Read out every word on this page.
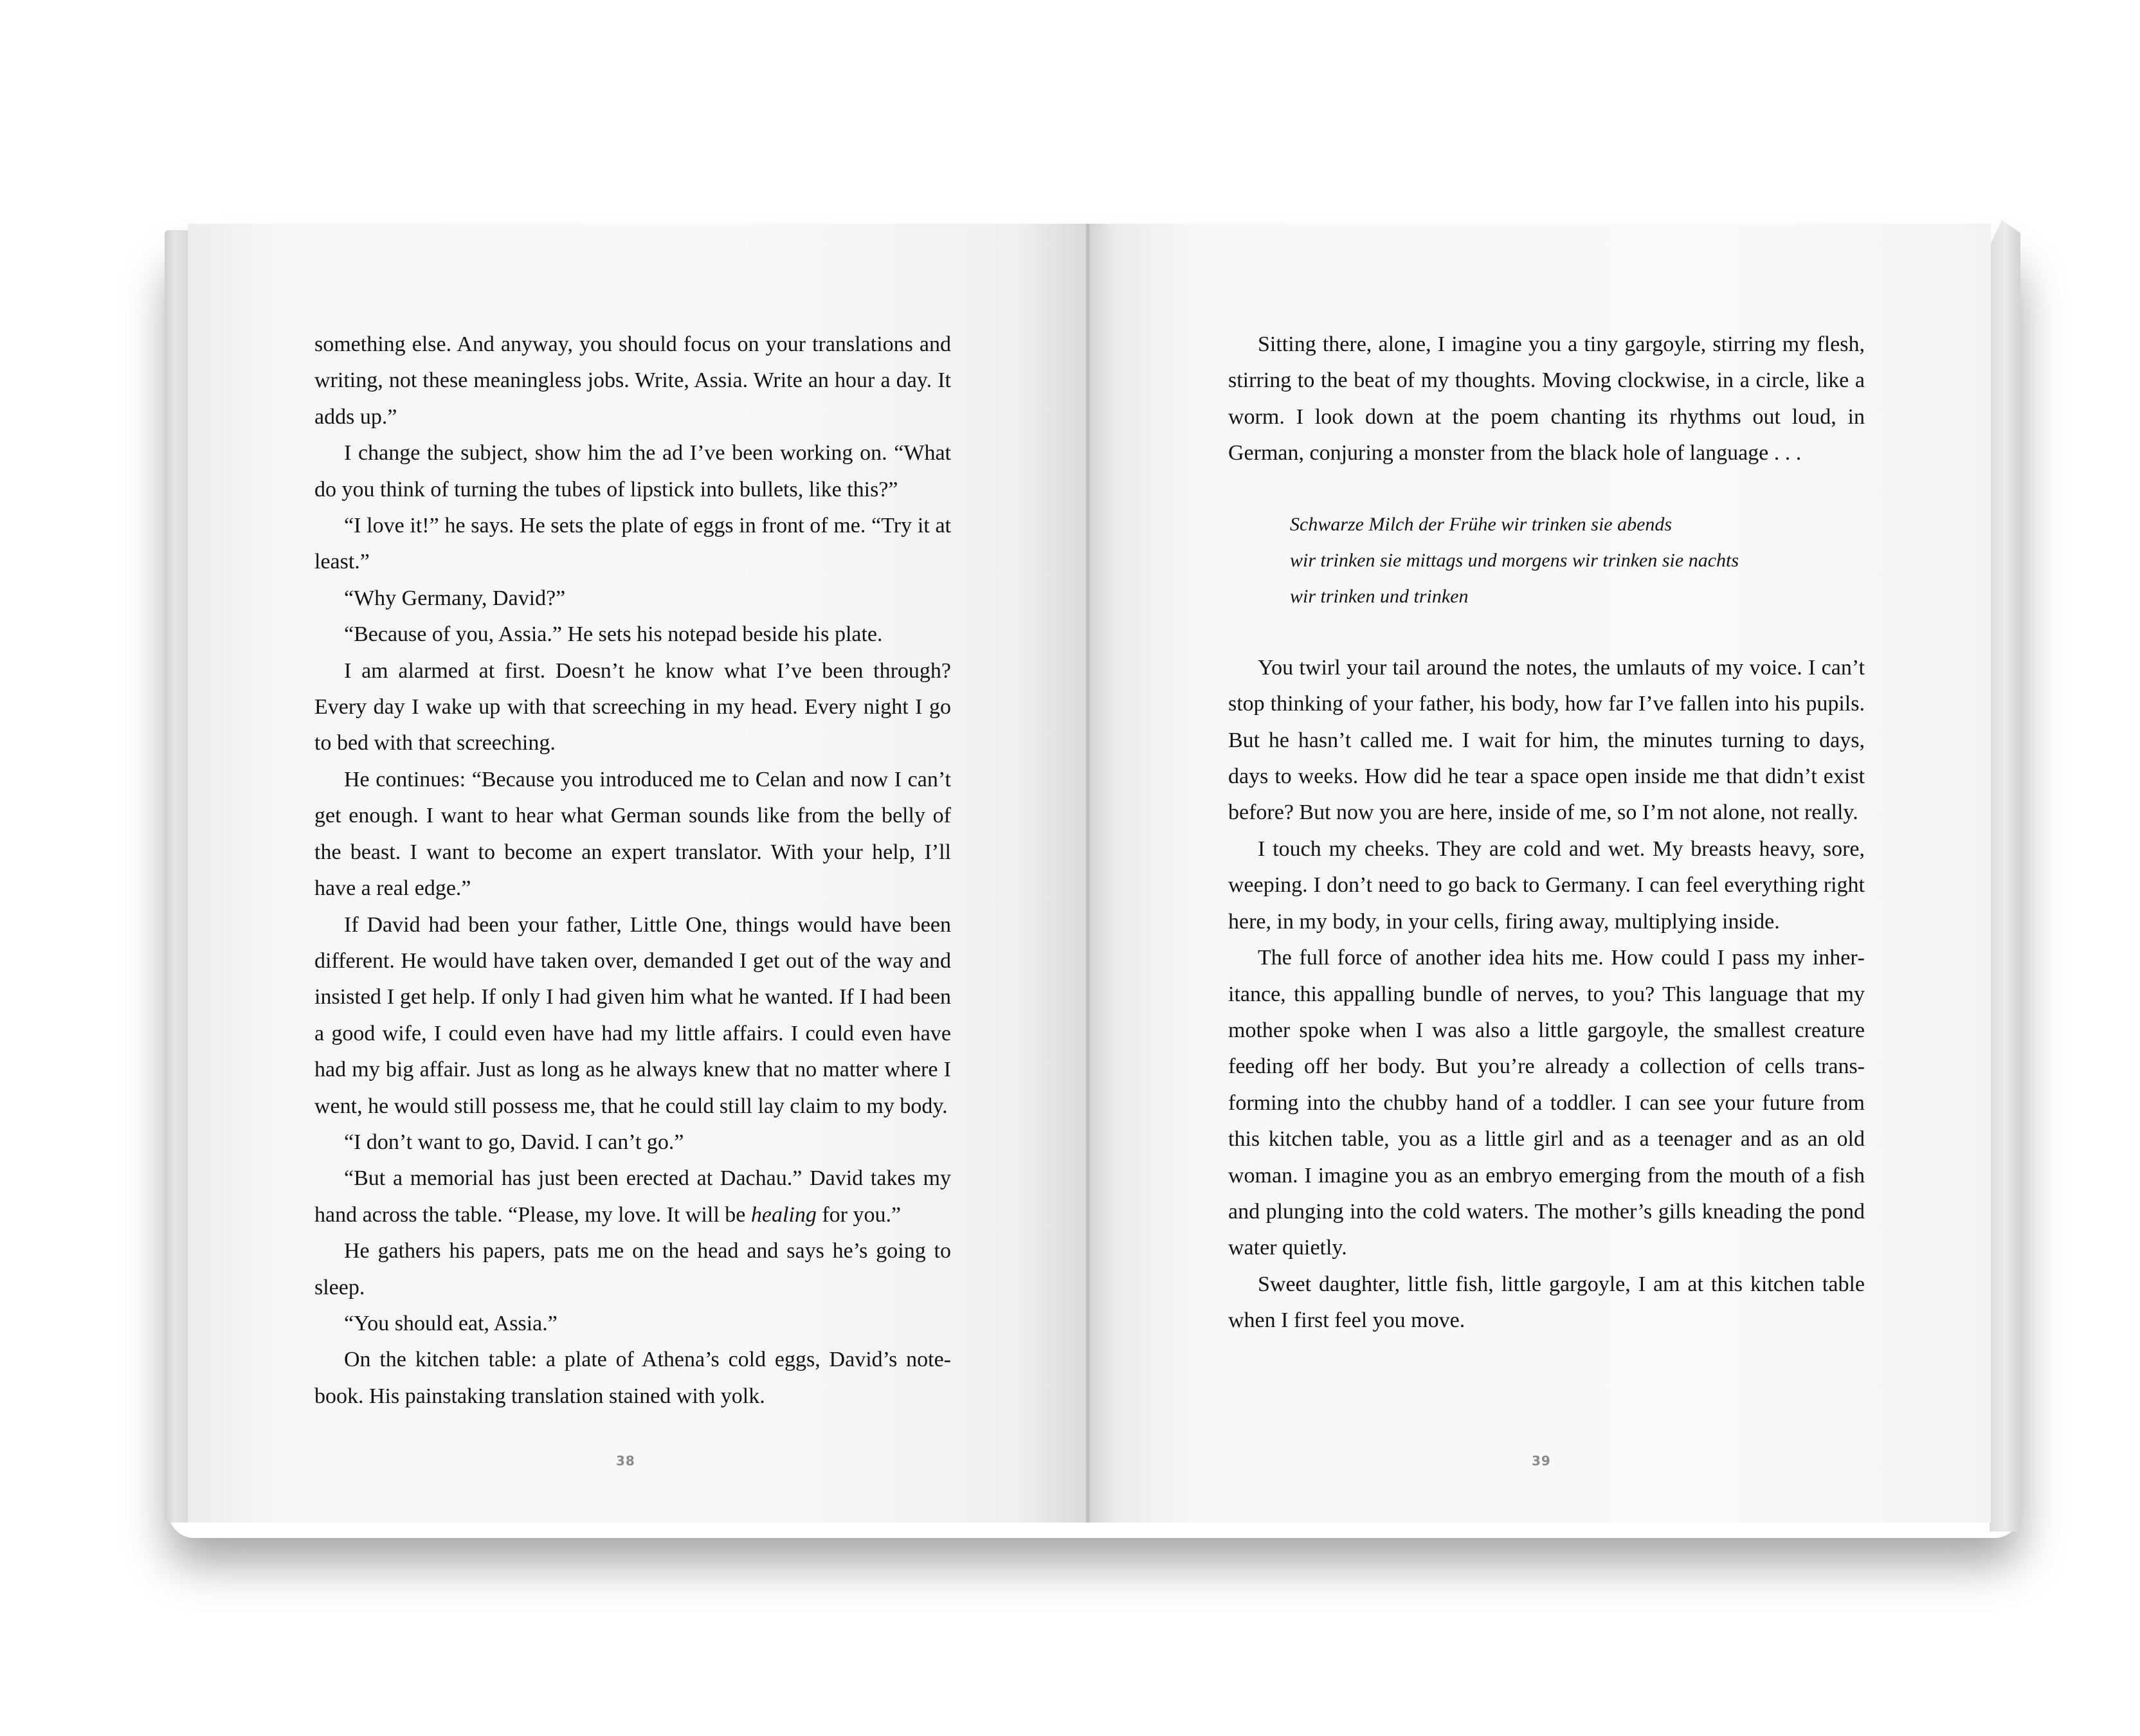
something else. And anyway, you should focus on your translations and writing, not these meaningless jobs. Write, Assia. Write an hour a day. It adds up.”

I change the subject, show him the ad I’ve been working on. “What do you think of turning the tubes of lipstick into bullets, like this?”

“I love it!” he says. He sets the plate of eggs in front of me. “Try it at least.”

“Why Germany, David?”

“Because of you, Assia.” He sets his notepad beside his plate.

I am alarmed at first. Doesn’t he know what I’ve been through? Every day I wake up with that screeching in my head. Every night I go to bed with that screeching.

He continues: “Because you introduced me to Celan and now I can’t get enough. I want to hear what German sounds like from the belly of the beast. I want to become an expert translator. With your help, I’ll have a real edge.”

If David had been your father, Little One, things would have been different. He would have taken over, demanded I get out of the way and insisted I get help. If only I had given him what he wanted. If I had been a good wife, I could even have had my little affairs. I could even have had my big affair. Just as long as he always knew that no matter where I went, he would still possess me, that he could still lay claim to my body.

“I don’t want to go, David. I can’t go.”

“But a memorial has just been erected at Dachau.” David takes my hand across the table. “Please, my love. It will be healing for you.”

He gathers his papers, pats me on the head and says he’s going to sleep.

“You should eat, Assia.”

On the kitchen table: a plate of Athena’s cold eggs, David’s notebook. His painstaking translation stained with yolk.

38

Sitting there, alone, I imagine you a tiny gargoyle, stirring my flesh, stirring to the beat of my thoughts. Moving clockwise, in a circle, like a worm. I look down at the poem chanting its rhythms out loud, in German, conjuring a monster from the black hole of language . . .

Schwarze Milch der Frühe wir trinken sie abends
wir trinken sie mittags und morgens wir trinken sie nachts
wir trinken und trinken

You twirl your tail around the notes, the umlauts of my voice. I can’t stop thinking of your father, his body, how far I’ve fallen into his pupils. But he hasn’t called me. I wait for him, the minutes turning to days, days to weeks. How did he tear a space open inside me that didn’t exist before? But now you are here, inside of me, so I’m not alone, not really.

I touch my cheeks. They are cold and wet. My breasts heavy, sore, weeping. I don’t need to go back to Germany. I can feel everything right here, in my body, in your cells, firing away, multiplying inside.

The full force of another idea hits me. How could I pass my inheritance, this appalling bundle of nerves, to you? This language that my mother spoke when I was also a little gargoyle, the smallest creature feeding off her body. But you’re already a collection of cells transforming into the chubby hand of a toddler. I can see your future from this kitchen table, you as a little girl and as a teenager and as an old woman. I imagine you as an embryo emerging from the mouth of a fish and plunging into the cold waters. The mother’s gills kneading the pond water quietly.

Sweet daughter, little fish, little gargoyle, I am at this kitchen table when I first feel you move.

39
